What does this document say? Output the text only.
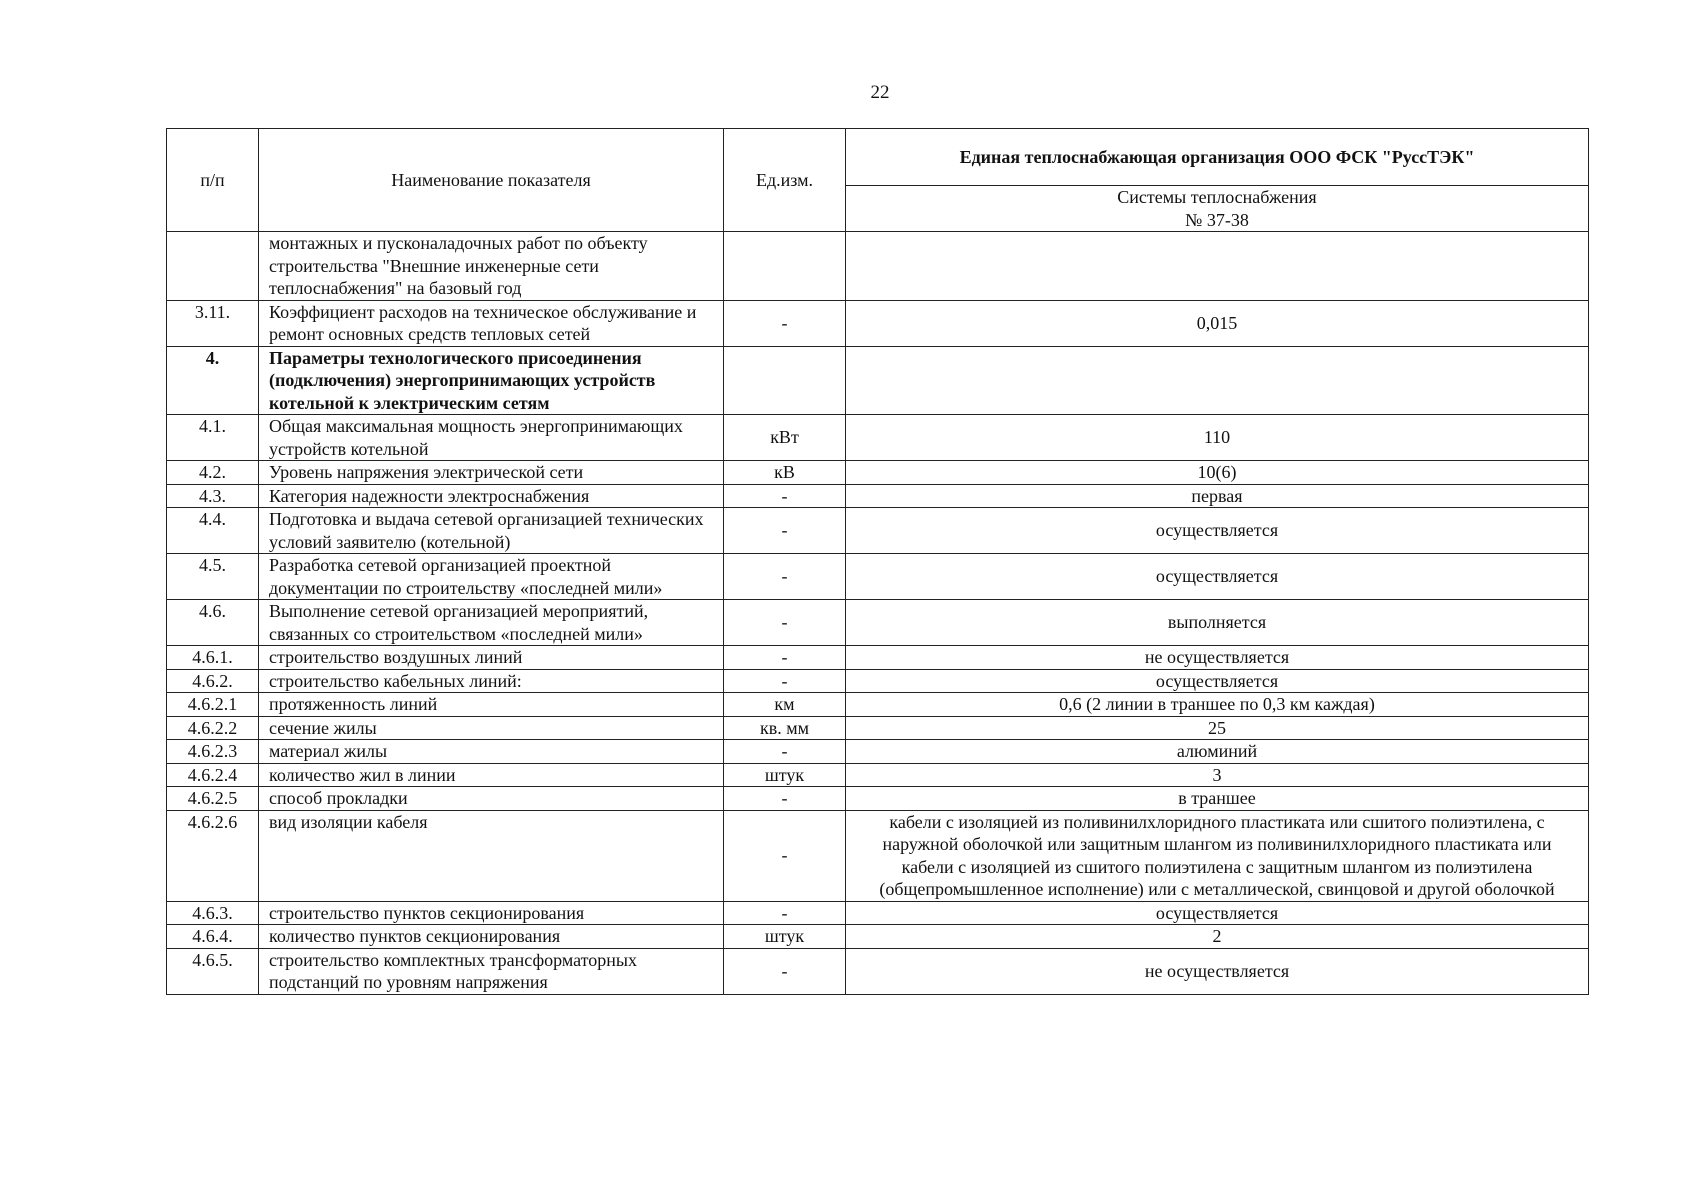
22
п/п	Наименование показателя	Ед.изм.	Единая теплоснабжающая организация ООО ФСК "РуссТЭК"
			Системы теплоснабжения
№ 37-38
	монтажных и пусконаладочных работ по объекту строительства "Внешние инженерные сети теплоснабжения" на базовый год		
3.11.	Коэффициент расходов на техническое обслуживание и ремонт основных средств тепловых сетей	-	0,015
4.	Параметры технологического присоединения (подключения) энергопринимающих устройств котельной к электрическим сетям		
4.1.	Общая максимальная мощность энергопринимающих устройств котельной	кВт	110
4.2.	Уровень напряжения электрической сети	кВ	10(6)
4.3.	Категория надежности электроснабжения	-	первая
4.4.	Подготовка и выдача сетевой организацией технических условий заявителю (котельной)	-	осуществляется
4.5.	Разработка сетевой организацией проектной документации по строительству «последней мили»	-	осуществляется
4.6.	Выполнение сетевой организацией мероприятий, связанных со строительством «последней мили»	-	выполняется
4.6.1.	строительство воздушных линий	-	не осуществляется
4.6.2.	строительство кабельных линий:	-	осуществляется
4.6.2.1	протяженность линий	км	0,6 (2 линии в траншее по 0,3 км каждая)
4.6.2.2	сечение жилы	кв. мм	25
4.6.2.3	материал жилы	-	алюминий
4.6.2.4	количество жил в линии	штук	3
4.6.2.5	способ прокладки	-	в траншее
4.6.2.6	вид изоляции кабеля	-	кабели с изоляцией из поливинилхлоридного пластиката или сшитого полиэтилена, с наружной оболочкой или защитным шлангом из поливинилхлоридного пластиката или кабели с изоляцией из сшитого полиэтилена с защитным шлангом из полиэтилена (общепромышленное исполнение) или с металлической, свинцовой и другой оболочкой
4.6.3.	строительство пунктов секционирования	-	осуществляется
4.6.4.	количество пунктов секционирования	штук	2
4.6.5.	строительство комплектных трансформаторных подстанций по уровням напряжения	-	не осуществляется
